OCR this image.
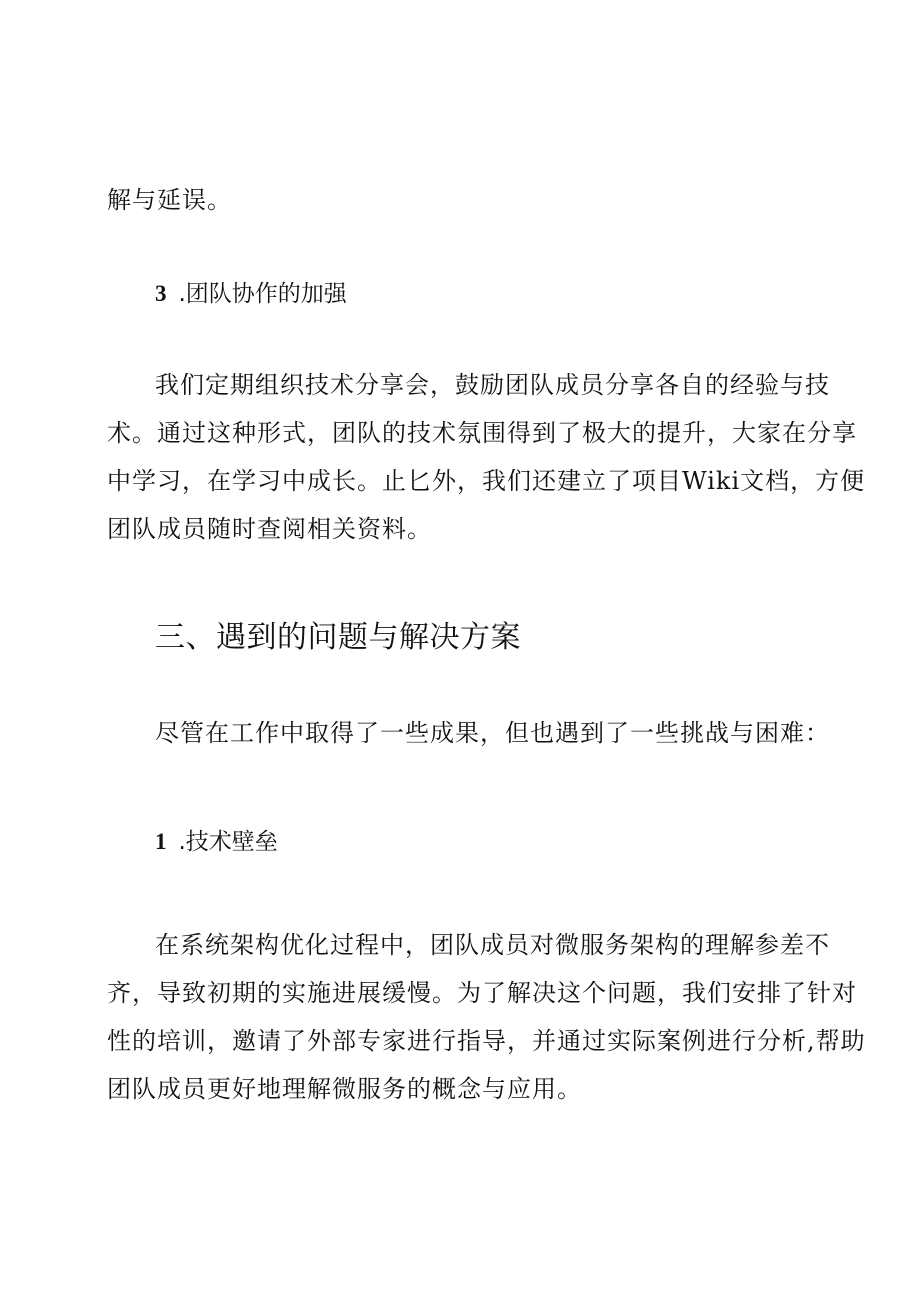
解与延误。
3 .团队协作的加强
我们定期组织技术分享会，鼓励团队成员分享各自的经验与技
术。通过这种形式，团队的技术氛围得到了极大的提升，大家在分享
中学习，在学习中成长。止匕外，我们还建立了项目Wiki文档，方便
团队成员随时查阅相关资料。
三、遇到的问题与解决方案
尽管在工作中取得了一些成果，但也遇到了一些挑战与困难：
1 .技术壁垒
在系统架构优化过程中，团队成员对微服务架构的理解参差不
齐，导致初期的实施进展缓慢。为了解决这个问题，我们安排了针对
性的培训，邀请了外部专家进行指导，并通过实际案例进行分析,帮助
团队成员更好地理解微服务的概念与应用。
